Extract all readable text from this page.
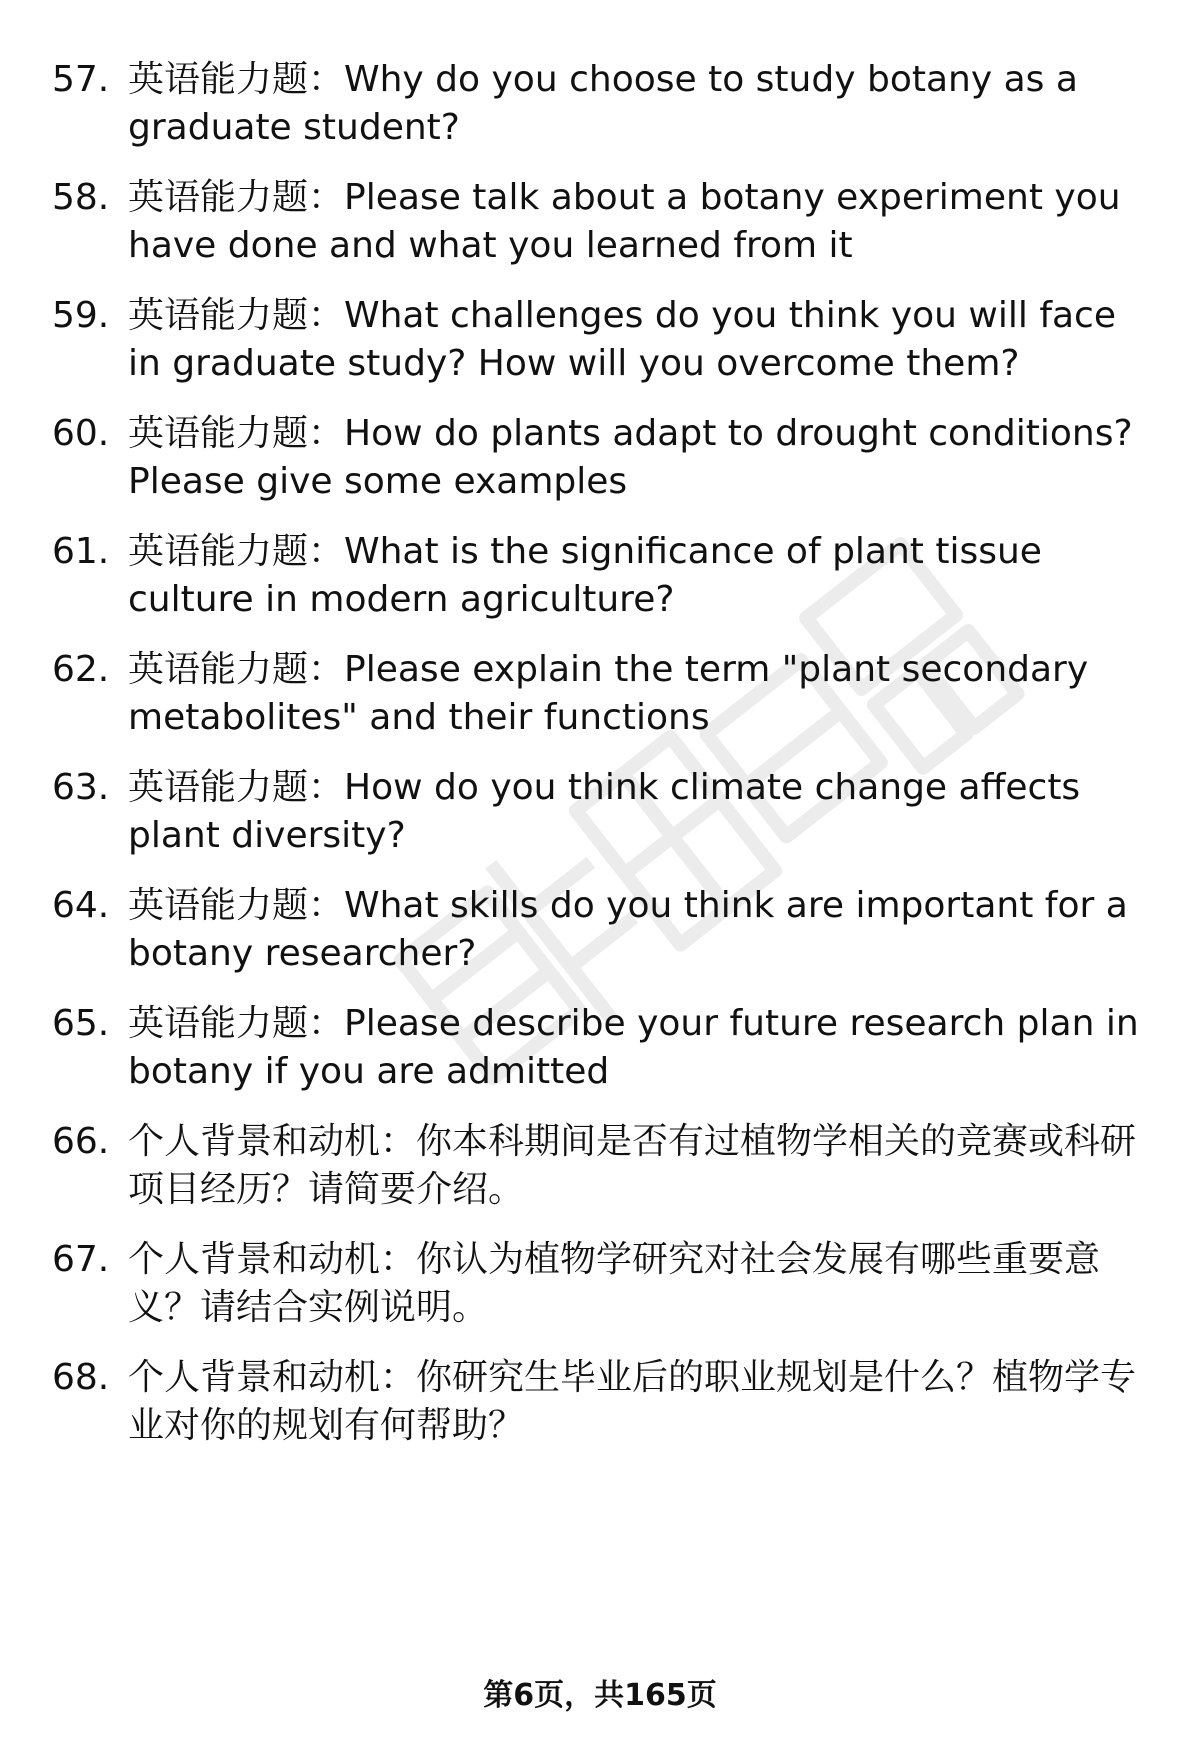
57. 英语能力题：Why do you choose to study botany as a graduate student?
58. 英语能力题：Please talk about a botany experiment you have done and what you learned from it
59. 英语能力题：What challenges do you think you will face in graduate study? How will you overcome them?
60. 英语能力题：How do plants adapt to drought conditions? Please give some examples
61. 英语能力题：What is the significance of plant tissue culture in modern agriculture?
62. 英语能力题：Please explain the term "plant secondary metabolites" and their functions
63. 英语能力题：How do you think climate change affects plant diversity?
64. 英语能力题：What skills do you think are important for a botany researcher?
65. 英语能力题：Please describe your future research plan in botany if you are admitted
66. 个人背景和动机：你本科期间是否有过植物学相关的竞赛或科研项目经历？请简要介绍。
67. 个人背景和动机：你认为植物学研究对社会发展有哪些重要意义？请结合实例说明。
68. 个人背景和动机：你研究生毕业后的职业规划是什么？植物学专业对你的规划有何帮助？
第6页，共165页
